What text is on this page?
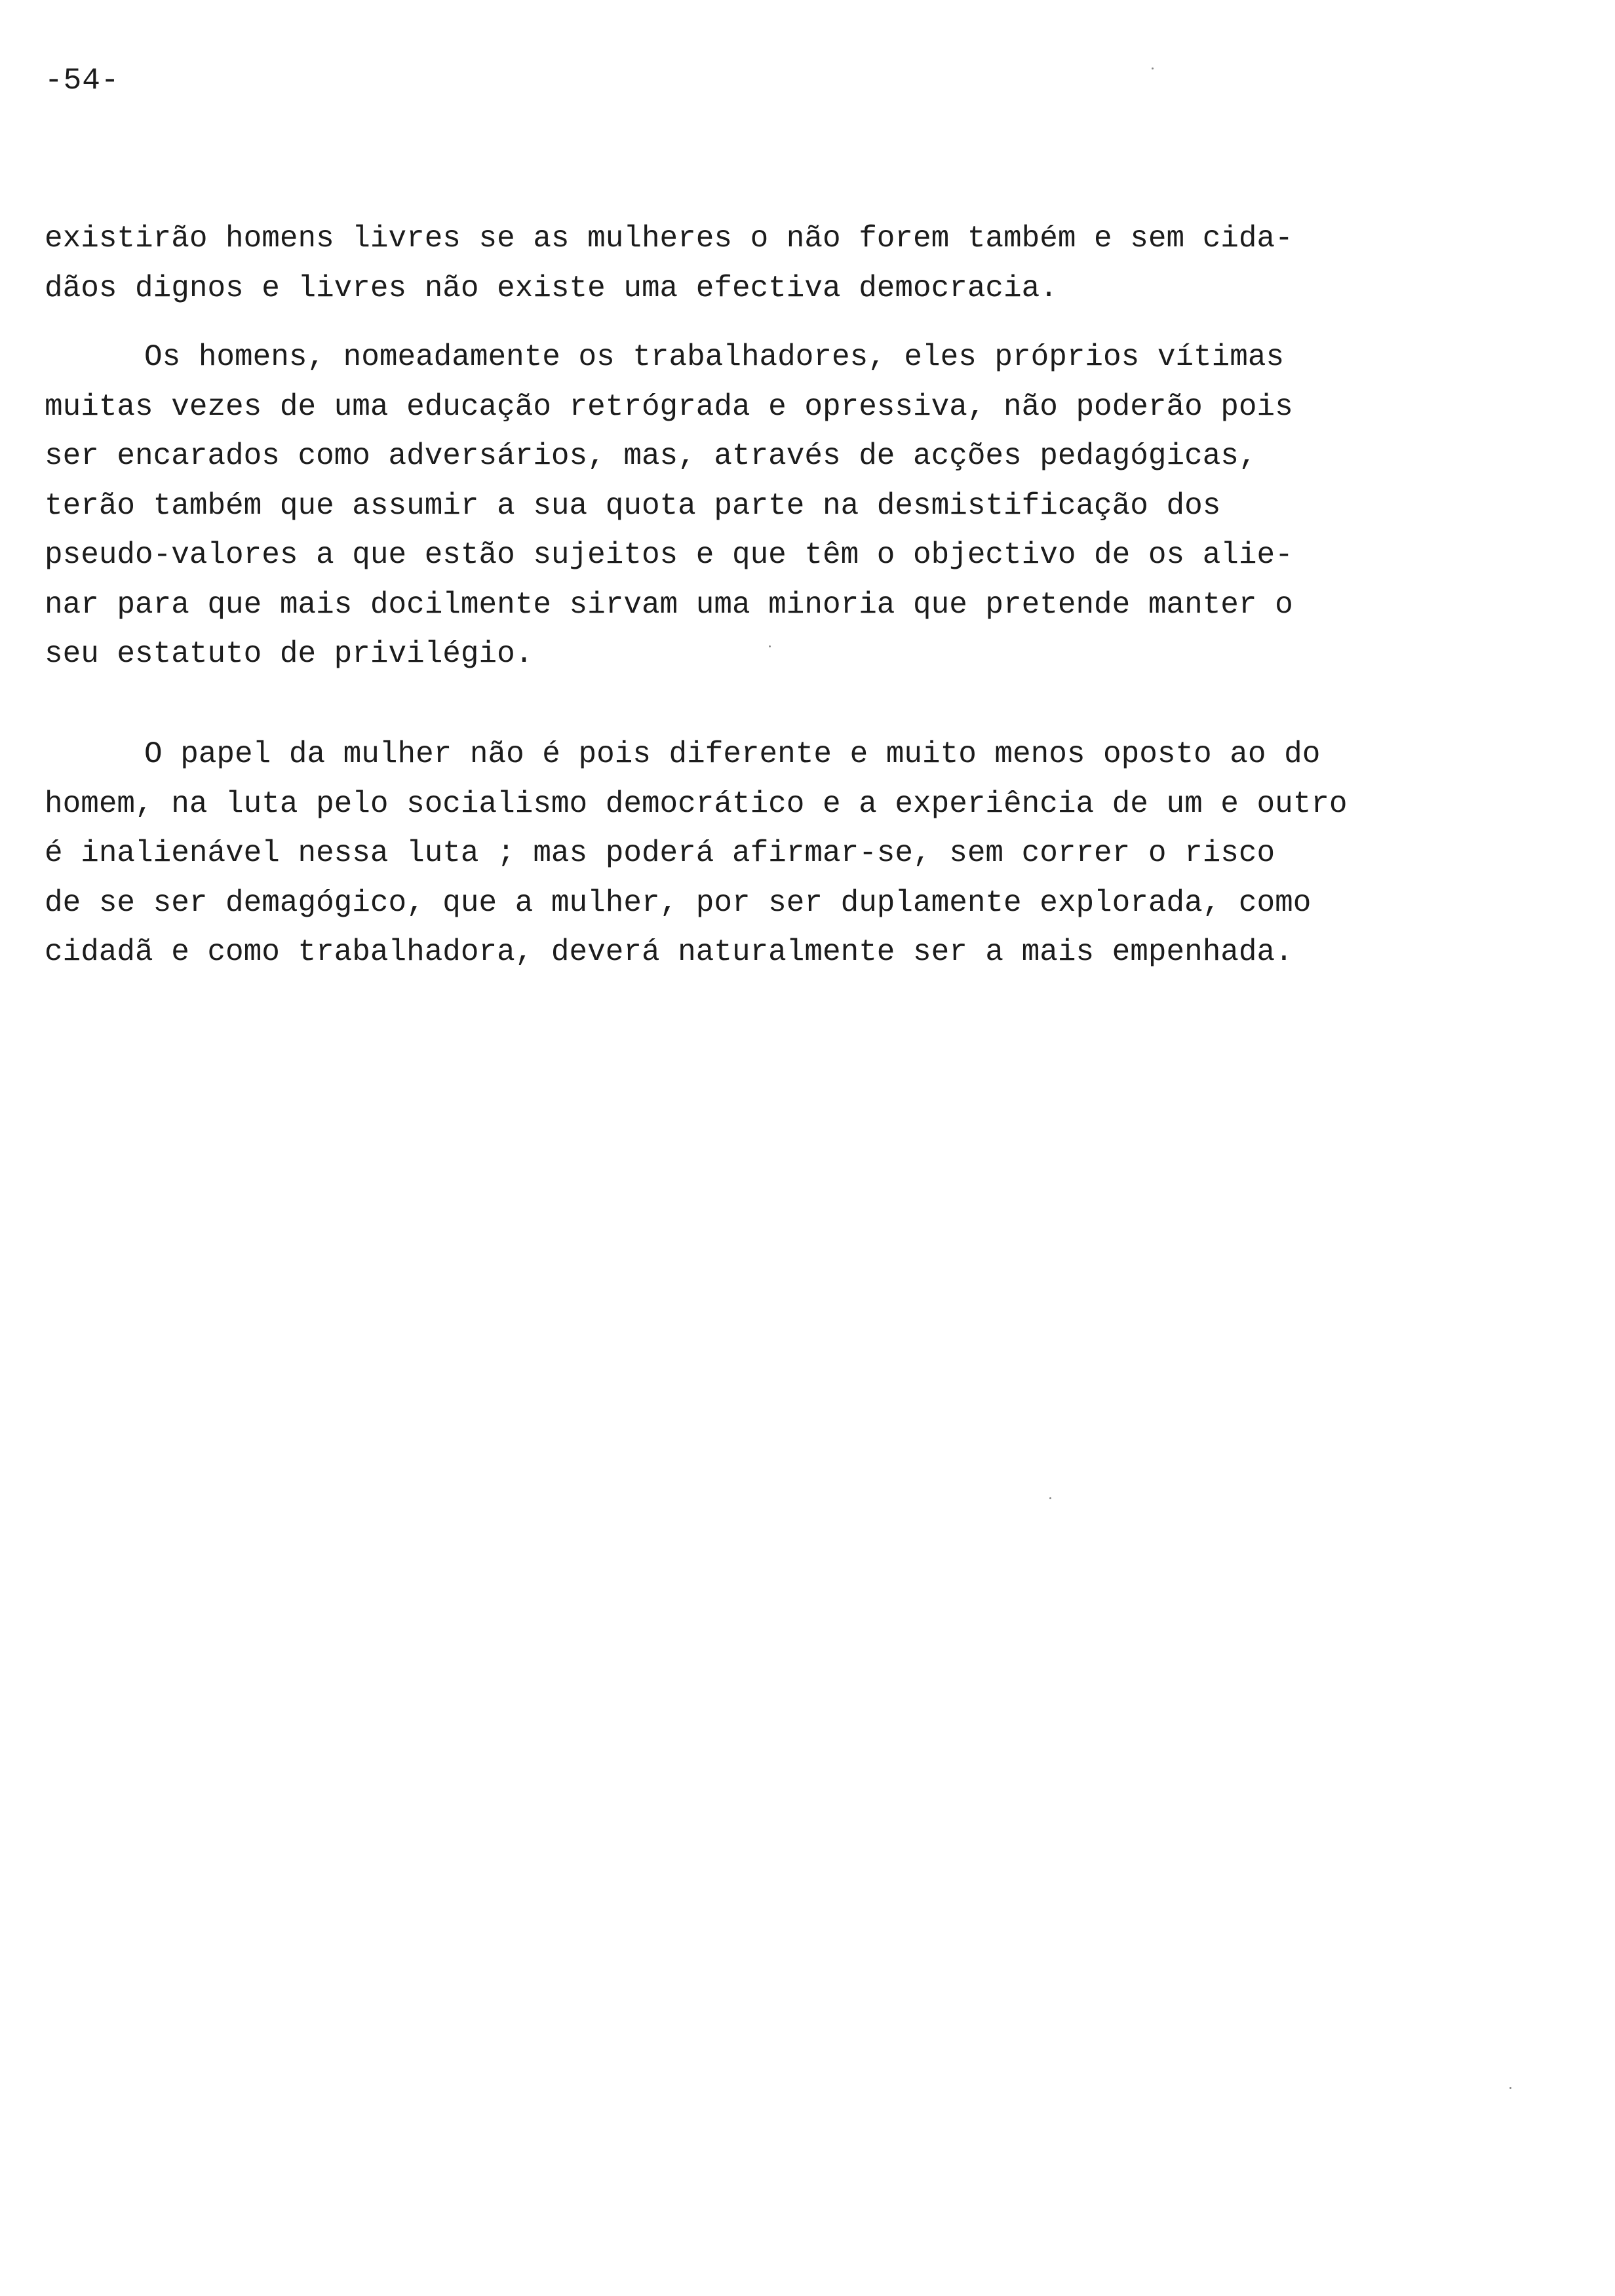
-54-

existirão homens livres se as mulheres o não forem também e sem cida-
dãos dignos e livres não existe uma efectiva democracia.

Os homens, nomeadamente os trabalhadores, eles próprios vítimas
muitas vezes de uma educação retrógrada e opressiva, não poderão pois
ser encarados como adversários, mas, através de acções pedagógicas,
terão também que assumir a sua quota parte na desmistificação dos
pseudo-valores a que estão sujeitos e que têm o objectivo de os alie-
nar para que mais docilmente sirvam uma minoria que pretende manter o
seu estatuto de privilégio.

O papel da mulher não é pois diferente e muito menos oposto ao do
homem, na luta pelo socialismo democrático e a experiência de um e outro
é inalienável nessa luta ; mas poderá afirmar-se, sem correr o risco
de se ser demagógico, que a mulher, por ser duplamente explorada, como
cidadã e como trabalhadora, deverá naturalmente ser a mais empenhada.
